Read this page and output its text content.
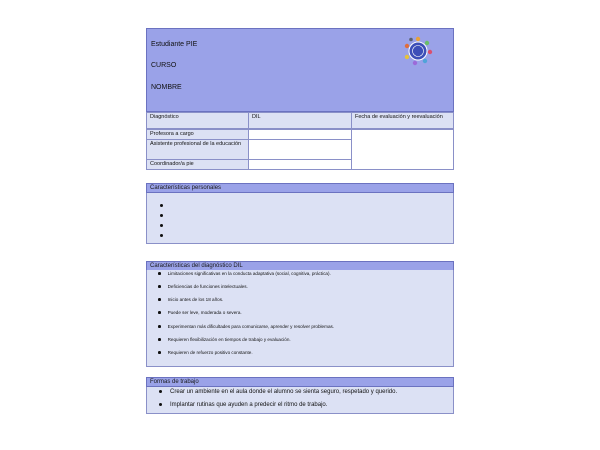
Estudiante PIE
CURSO
NOMBRE
Diagnóstico	DIL	Fecha de evaluación y reevaluación
Profesora a cargo
Asistente profesional de la educación
Coordinador/a pie
Características personales
Características del diagnóstico DIL
Limitaciones significativas en la conducta adaptativa (social, cognitiva, práctica).
Deficiencias de funciones intelectuales.
Inicio antes de los 18 años.
Puede ser leve, moderada o severa.
Experimentan más dificultades para comunicarse, aprender y resolver problemas.
Requieren flexibilización en tiempos de trabajo y evaluación.
Requieren de refuerzo positivo constante.
Formas de trabajo
Crear un ambiente en el aula donde el alumno se sienta seguro, respetado y querido.
Implantar rutinas que ayuden a predecir el ritmo de trabajo.
